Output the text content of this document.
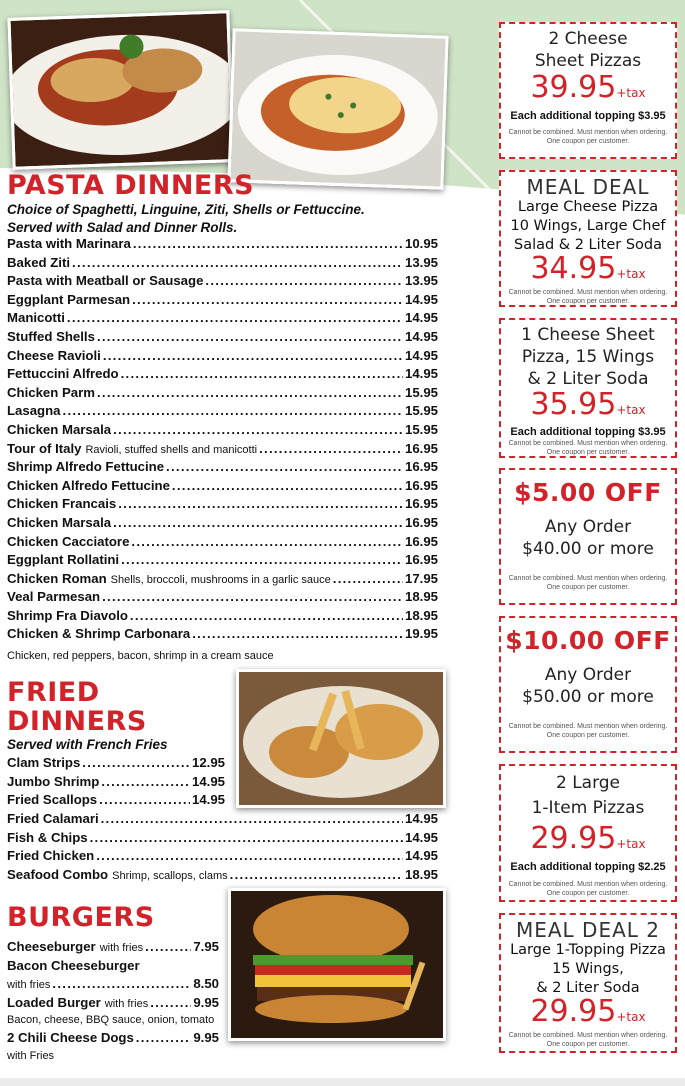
PASTA DINNERS
Choice of Spaghetti, Linguine, Ziti, Shells or Fettuccine.
Served with Salad and Dinner Rolls.
Pasta with Marinara . . .	10.95
Baked Ziti . . .	13.95
Pasta with Meatball or Sausage . . .	13.95
Eggplant Parmesan . . .	14.95
Manicotti . . .	14.95
Stuffed Shells . . .	14.95
Cheese Ravioli . . .	14.95
Fettuccini Alfredo . . .	14.95
Chicken Parm . . .	15.95
Lasagna . . .	15.95
Chicken Marsala . . .	15.95
Tour of Italy Ravioli, stuffed shells and manicotti . . .	16.95
Shrimp Alfredo Fettucine . . .	16.95
Chicken Alfredo Fettucine . . .	16.95
Chicken Francais . . .	16.95
Chicken Marsala . . .	16.95
Chicken Cacciatore . . .	16.95
Eggplant Rollatini . . .	16.95
Chicken Roman Shells, broccoli, mushrooms in a garlic sauce . . .	17.95
Veal Parmesan . . .	18.95
Shrimp Fra Diavolo . . .	18.95
Chicken & Shrimp Carbonara . . .	19.95
Chicken, red peppers, bacon, shrimp in a cream sauce
FRIED
DINNERS
Served with French Fries
Clam Strips . . .	12.95
Jumbo Shrimp . . .	14.95
Fried Scallops . . .	14.95
Fried Calamari . . .	14.95
Fish & Chips . . .	14.95
Fried Chicken . . .	14.95
Seafood Combo Shrimp, scallops, clams . . .	18.95
BURGERS
Cheeseburger with fries . . .	7.95
Bacon Cheeseburger
with fries . . .	8.50
Loaded Burger with fries . . .	9.95
Bacon, cheese, BBQ sauce, onion, tomato
2 Chili Cheese Dogs . . .	9.95
with Fries
2 Cheese
Sheet Pizzas
39.95+tax
Each additional topping $3.95
Cannot be combined. Must mention when ordering. One coupon per customer.
MEAL DEAL
Large Cheese Pizza
10 Wings, Large Chef
Salad & 2 Liter Soda
34.95+tax
Cannot be combined. Must mention when ordering. One coupon per customer.
1 Cheese Sheet
Pizza, 15 Wings
& 2 Liter Soda
35.95+tax
Each additional topping $3.95
Cannot be combined. Must mention when ordering. One coupon per customer.
$5.00 OFF
Any Order
$40.00 or more
Cannot be combined. Must mention when ordering. One coupon per customer.
$10.00 OFF
Any Order
$50.00 or more
Cannot be combined. Must mention when ordering. One coupon per customer.
2 Large
1-Item Pizzas
29.95+tax
Each additional topping $2.25
Cannot be combined. Must mention when ordering. One coupon per customer.
MEAL DEAL 2
Large 1-Topping Pizza
15 Wings,
& 2 Liter Soda
29.95+tax
Cannot be combined. Must mention when ordering. One coupon per customer.
